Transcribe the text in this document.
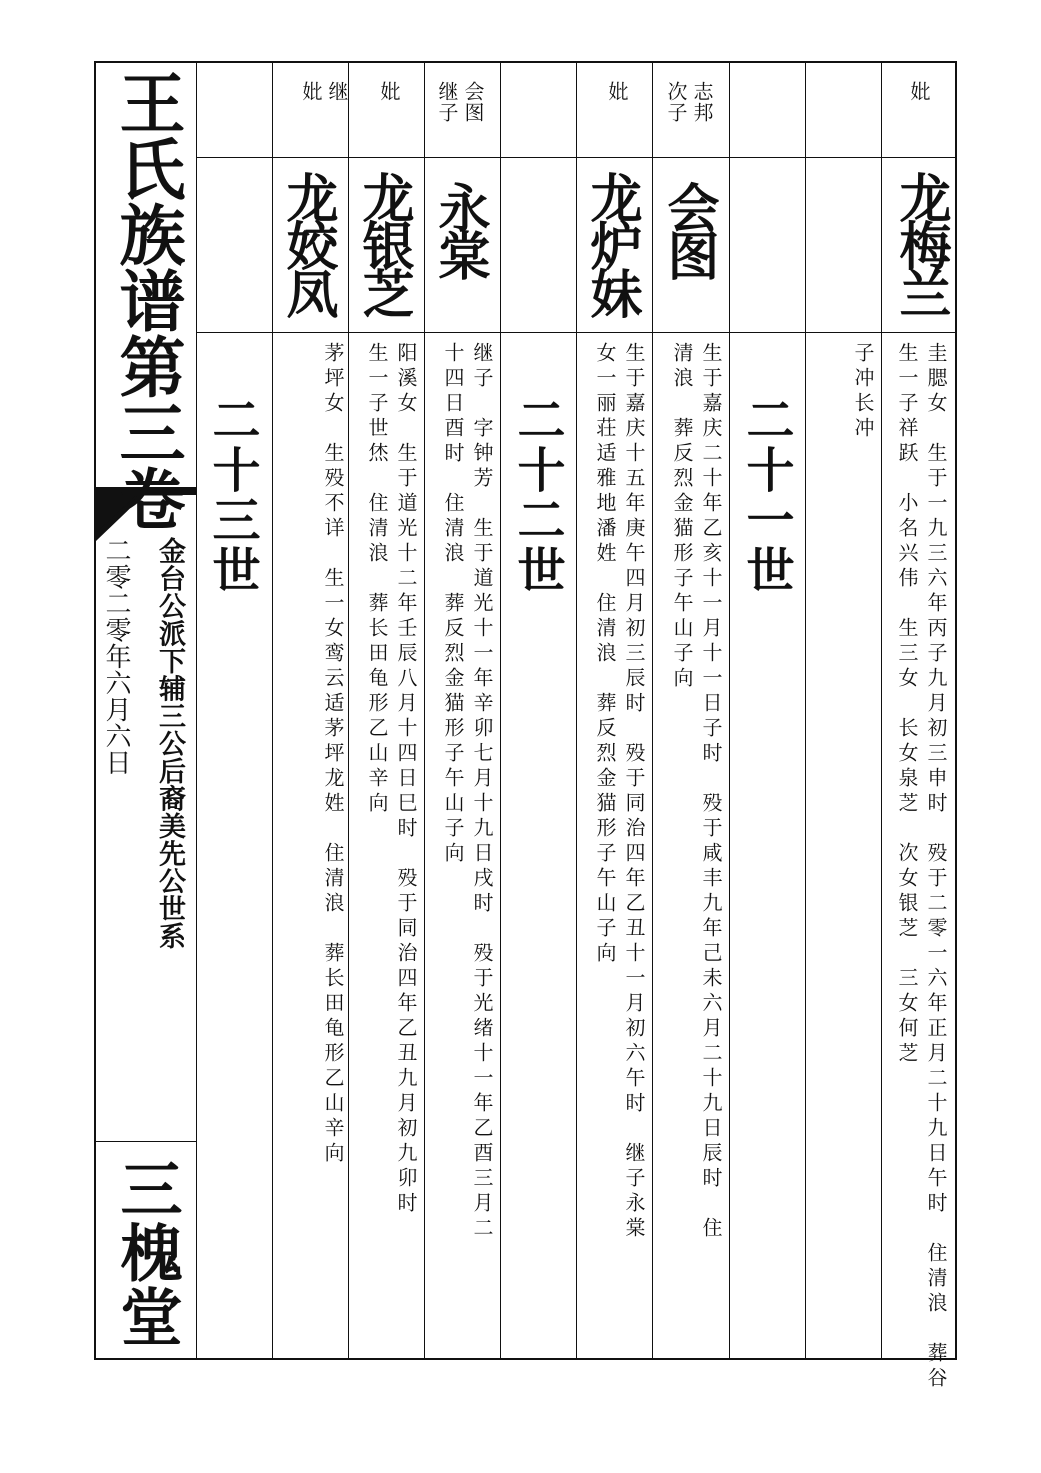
王氏族谱第三卷
金台公派下辅三公后裔美先公世系
二零二零年六月六日
三槐堂
妣
龙梅兰
圭腮女　生于一九三六年丙子九月初三申时　殁于二零一六年正月二十九日午时　住清浪　葬谷
生一子祥跃　小名兴伟　生三女　长女泉芝　次女银芝　三女何芝
子冲长冲
二十一世
志邦
次子
会图
生于嘉庆二十年乙亥十一月十一日子时　殁于咸丰九年己未六月二十九日辰时　住
清浪　葬反烈金猫形子午山子向
妣
龙炉妹
生于嘉庆十五年庚午四月初三辰时　殁于同治四年乙丑十一月初六午时　继子永棠
女一丽荘适雅地潘姓　住清浪　葬反烈金猫形子午山子向
二十二世
会图
继子
永棠
继子　字钟芳　生于道光十一年辛卯七月十九日戌时　殁于光绪十一年乙酉三月二
十四日酉时　住清浪　葬反烈金猫形子午山子向
妣
龙银芝
阳溪女　生于道光十二年壬辰八月十四日巳时　殁于同治四年乙丑九月初九卯时
生一子世烋　住清浪　葬长田龟形乙山辛向
继
妣
龙姣凤
茅坪女　生殁不详　生一女鸾云适茅坪龙姓　住清浪　葬长田龟形乙山辛向
二十三世
